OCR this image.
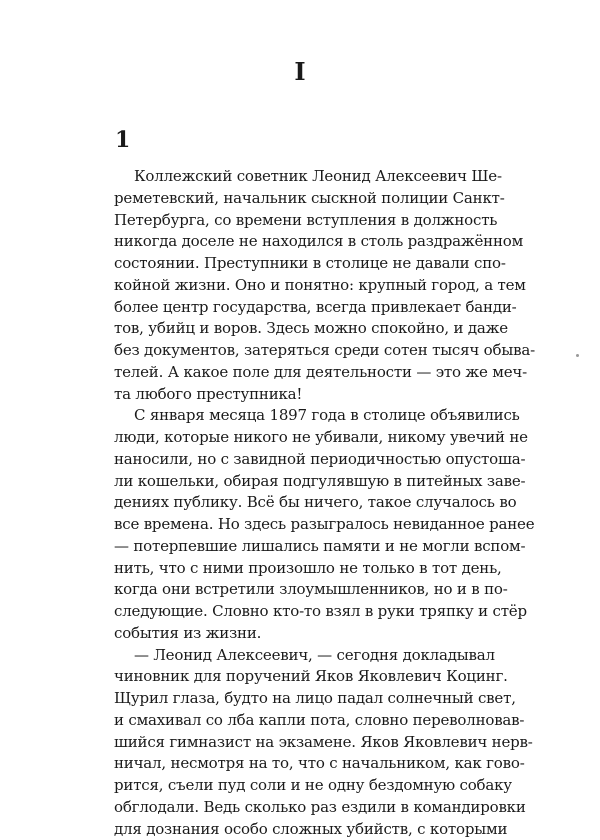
I
1
Коллежский советник Леонид Алексеевич Ше-
реметевский, начальник сыскной полиции Санкт-
Петербурга, со времени вступления в должность
никогда доселе не находился в столь раздражённом
состоянии. Преступники в столице не давали спо-
койной жизни. Оно и понятно: крупный город, а тем
более центр государства, всегда привлекает банди-
тов, убийц и воров. Здесь можно спокойно, и даже
без документов, затеряться среди сотен тысяч обыва-
телей. А какое поле для деятельности — это же меч-
та любого преступника!
С января месяца 1897 года в столице объявились
люди, которые никого не убивали, никому увечий не
наносили, но с завидной периодичностью опустоша-
ли кошельки, обирая подгулявшую в питейных заве-
дениях публику. Всё бы ничего, такое случалось во
все времена. Но здесь разыгралось невиданное ранее
— потерпевшие лишались памяти и не могли вспом-
нить, что с ними произошло не только в тот день,
когда они встретили злоумышленников, но и в по-
следующие. Словно кто-то взял в руки тряпку и стёр
события из жизни.
— Леонид Алексеевич, — сегодня докладывал
чиновник для поручений Яков Яковлевич Коцинг.
Щурил глаза, будто на лицо падал солнечный свет,
и смахивал со лба капли пота, словно переволновав-
шийся гимназист на экзамене. Яков Яковлевич нерв-
ничал, несмотря на то, что с начальником, как гово-
рится, съели пуд соли и не одну бездомную собаку
обглодали. Ведь сколько раз ездили в командировки
для дознания особо сложных убийств, с которыми
